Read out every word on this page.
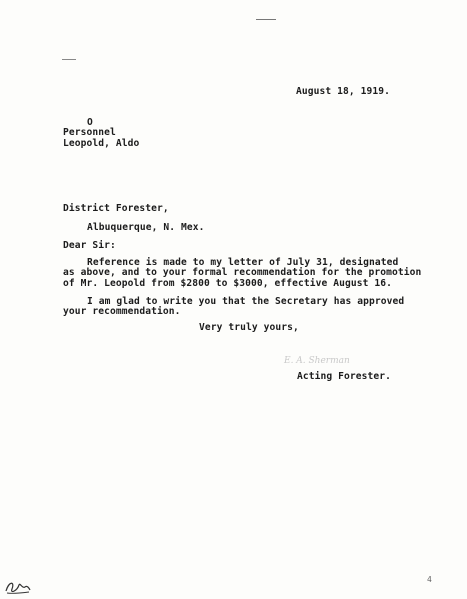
August 18, 1919.
O
Personnel
Leopold, Aldo
District Forester,
Albuquerque, N. Mex.
Dear Sir:
Reference is made to my letter of July 31, designated
as above, and to your formal recommendation for the promotion
of Mr. Leopold from $2800 to $3000, effective August 16.
I am glad to write you that the Secretary has approved
your recommendation.
Very truly yours,
E. A. Sherman
Acting Forester.
4
